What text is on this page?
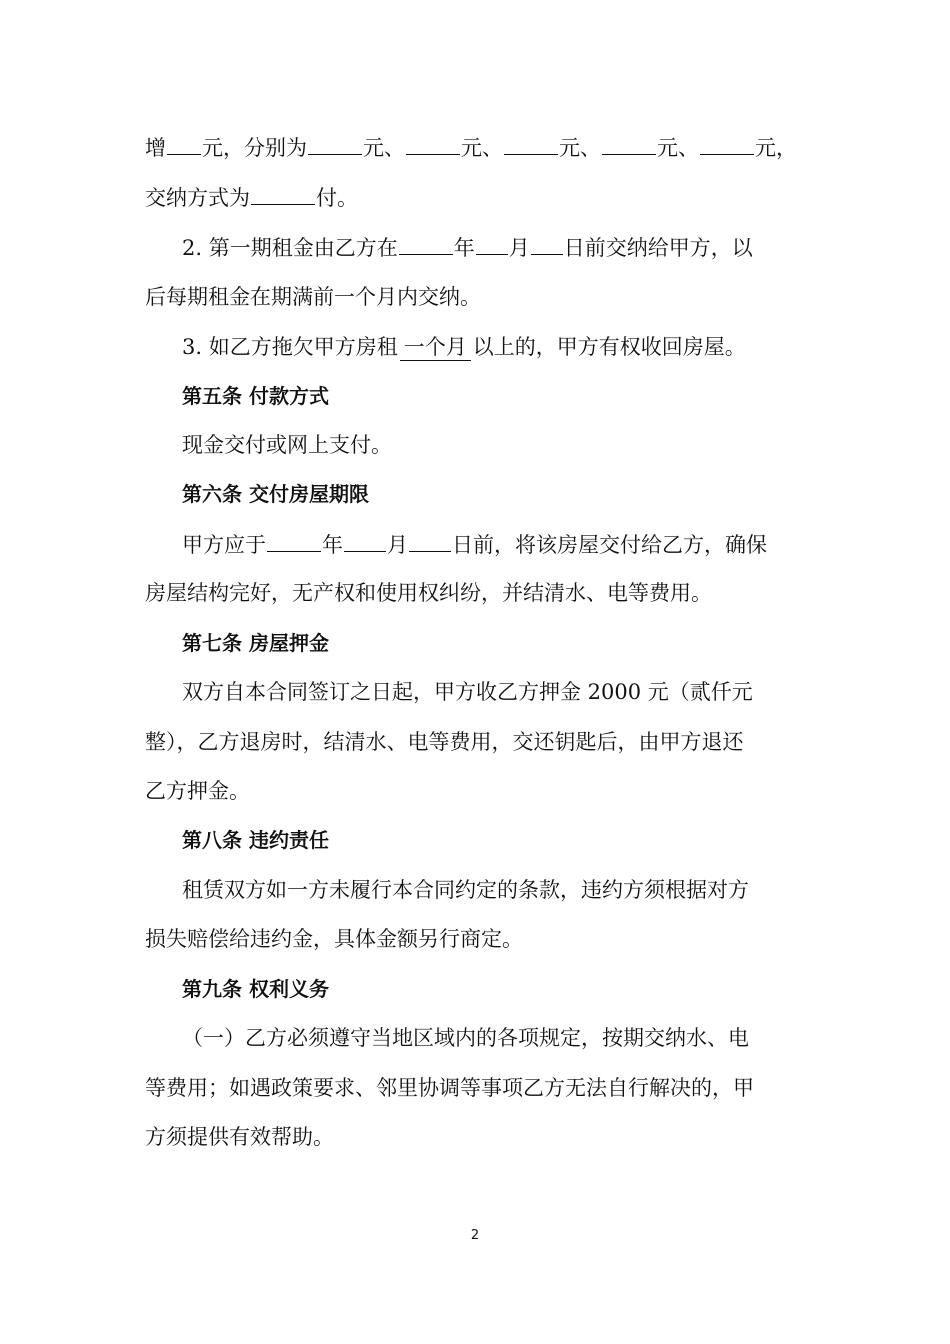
增 元，分别为	元、	元、	元、	元、	元，
交纳方式为	付。
2. 第一期租金由乙方在	年 月 日前交纳给甲方，以
后每期租金在期满前一个月内交纳。
3. 如乙方拖欠甲方房租 一个月 以上的，甲方有权收回房屋。
第五条 付款方式
现金交付或网上支付。
第六条 交付房屋期限
甲方应于	年 月 日前，将该房屋交付给乙方，确保
房屋结构完好，无产权和使用权纠纷，并结清水、电等费用。
第七条 房屋押金
双方自本合同签订之日起，甲方收乙方押金 2000 元（贰仟元
整），乙方退房时，结清水、电等费用，交还钥匙后，由甲方退还
乙方押金。
第八条 违约责任
租赁双方如一方未履行本合同约定的条款，违约方须根据对方
损失赔偿给违约金，具体金额另行商定。
第九条 权利义务
（一）乙方必须遵守当地区域内的各项规定，按期交纳水、电
等费用；如遇政策要求、邻里协调等事项乙方无法自行解决的，甲
方须提供有效帮助。
2
